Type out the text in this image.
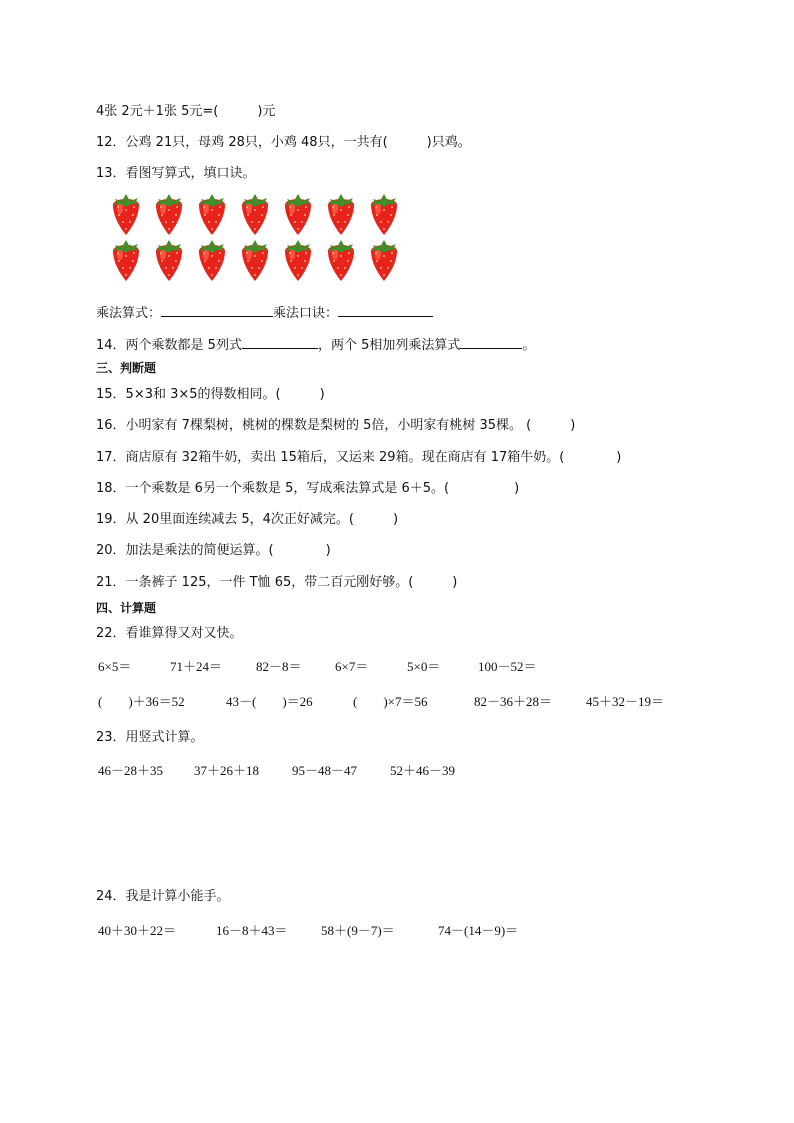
4张 2元＋1张 5元=(　　　)元
12．公鸡 21只，母鸡 28只，小鸡 48只，一共有(　　　)只鸡。
13．看图写算式，填口诀。
乘法算式：	乘法口诀：
14．两个乘数都是 5列式	，两个 5相加列乘法算式	。
三、判断题
15．5×3和 3×5的得数相同。(　　　)
16．小明家有 7棵梨树，桃树的棵数是梨树的 5倍，小明家有桃树 35棵。 (　　　)
17．商店原有 32箱牛奶，卖出 15箱后，又运来 29箱。现在商店有 17箱牛奶。(　　　　)
18．一个乘数是 6另一个乘数是 5，写成乘法算式是 6＋5。(　　　　　)
19．从 20里面连续减去 5，4次正好减完。(　　　)
20．加法是乘法的简便运算。(　　　　)
21．一条裤子 125，一件 T恤 65，带二百元刚好够。(　　　)
四、计算题
22．看谁算得又对又快。
6×5＝	71＋24＝	82－8＝	6×7＝	5×0＝	100－52＝
(　　)＋36＝52	43－(　　)＝26	(　　)×7＝56	82－36＋28＝	45＋32－19＝
23．用竖式计算。
46－28＋35 37＋26＋18	95－48－47	52＋46－39
24．我是计算小能手。
40＋30＋22＝	16－8＋43＝	58＋(9－7)＝	74－(14－9)＝
